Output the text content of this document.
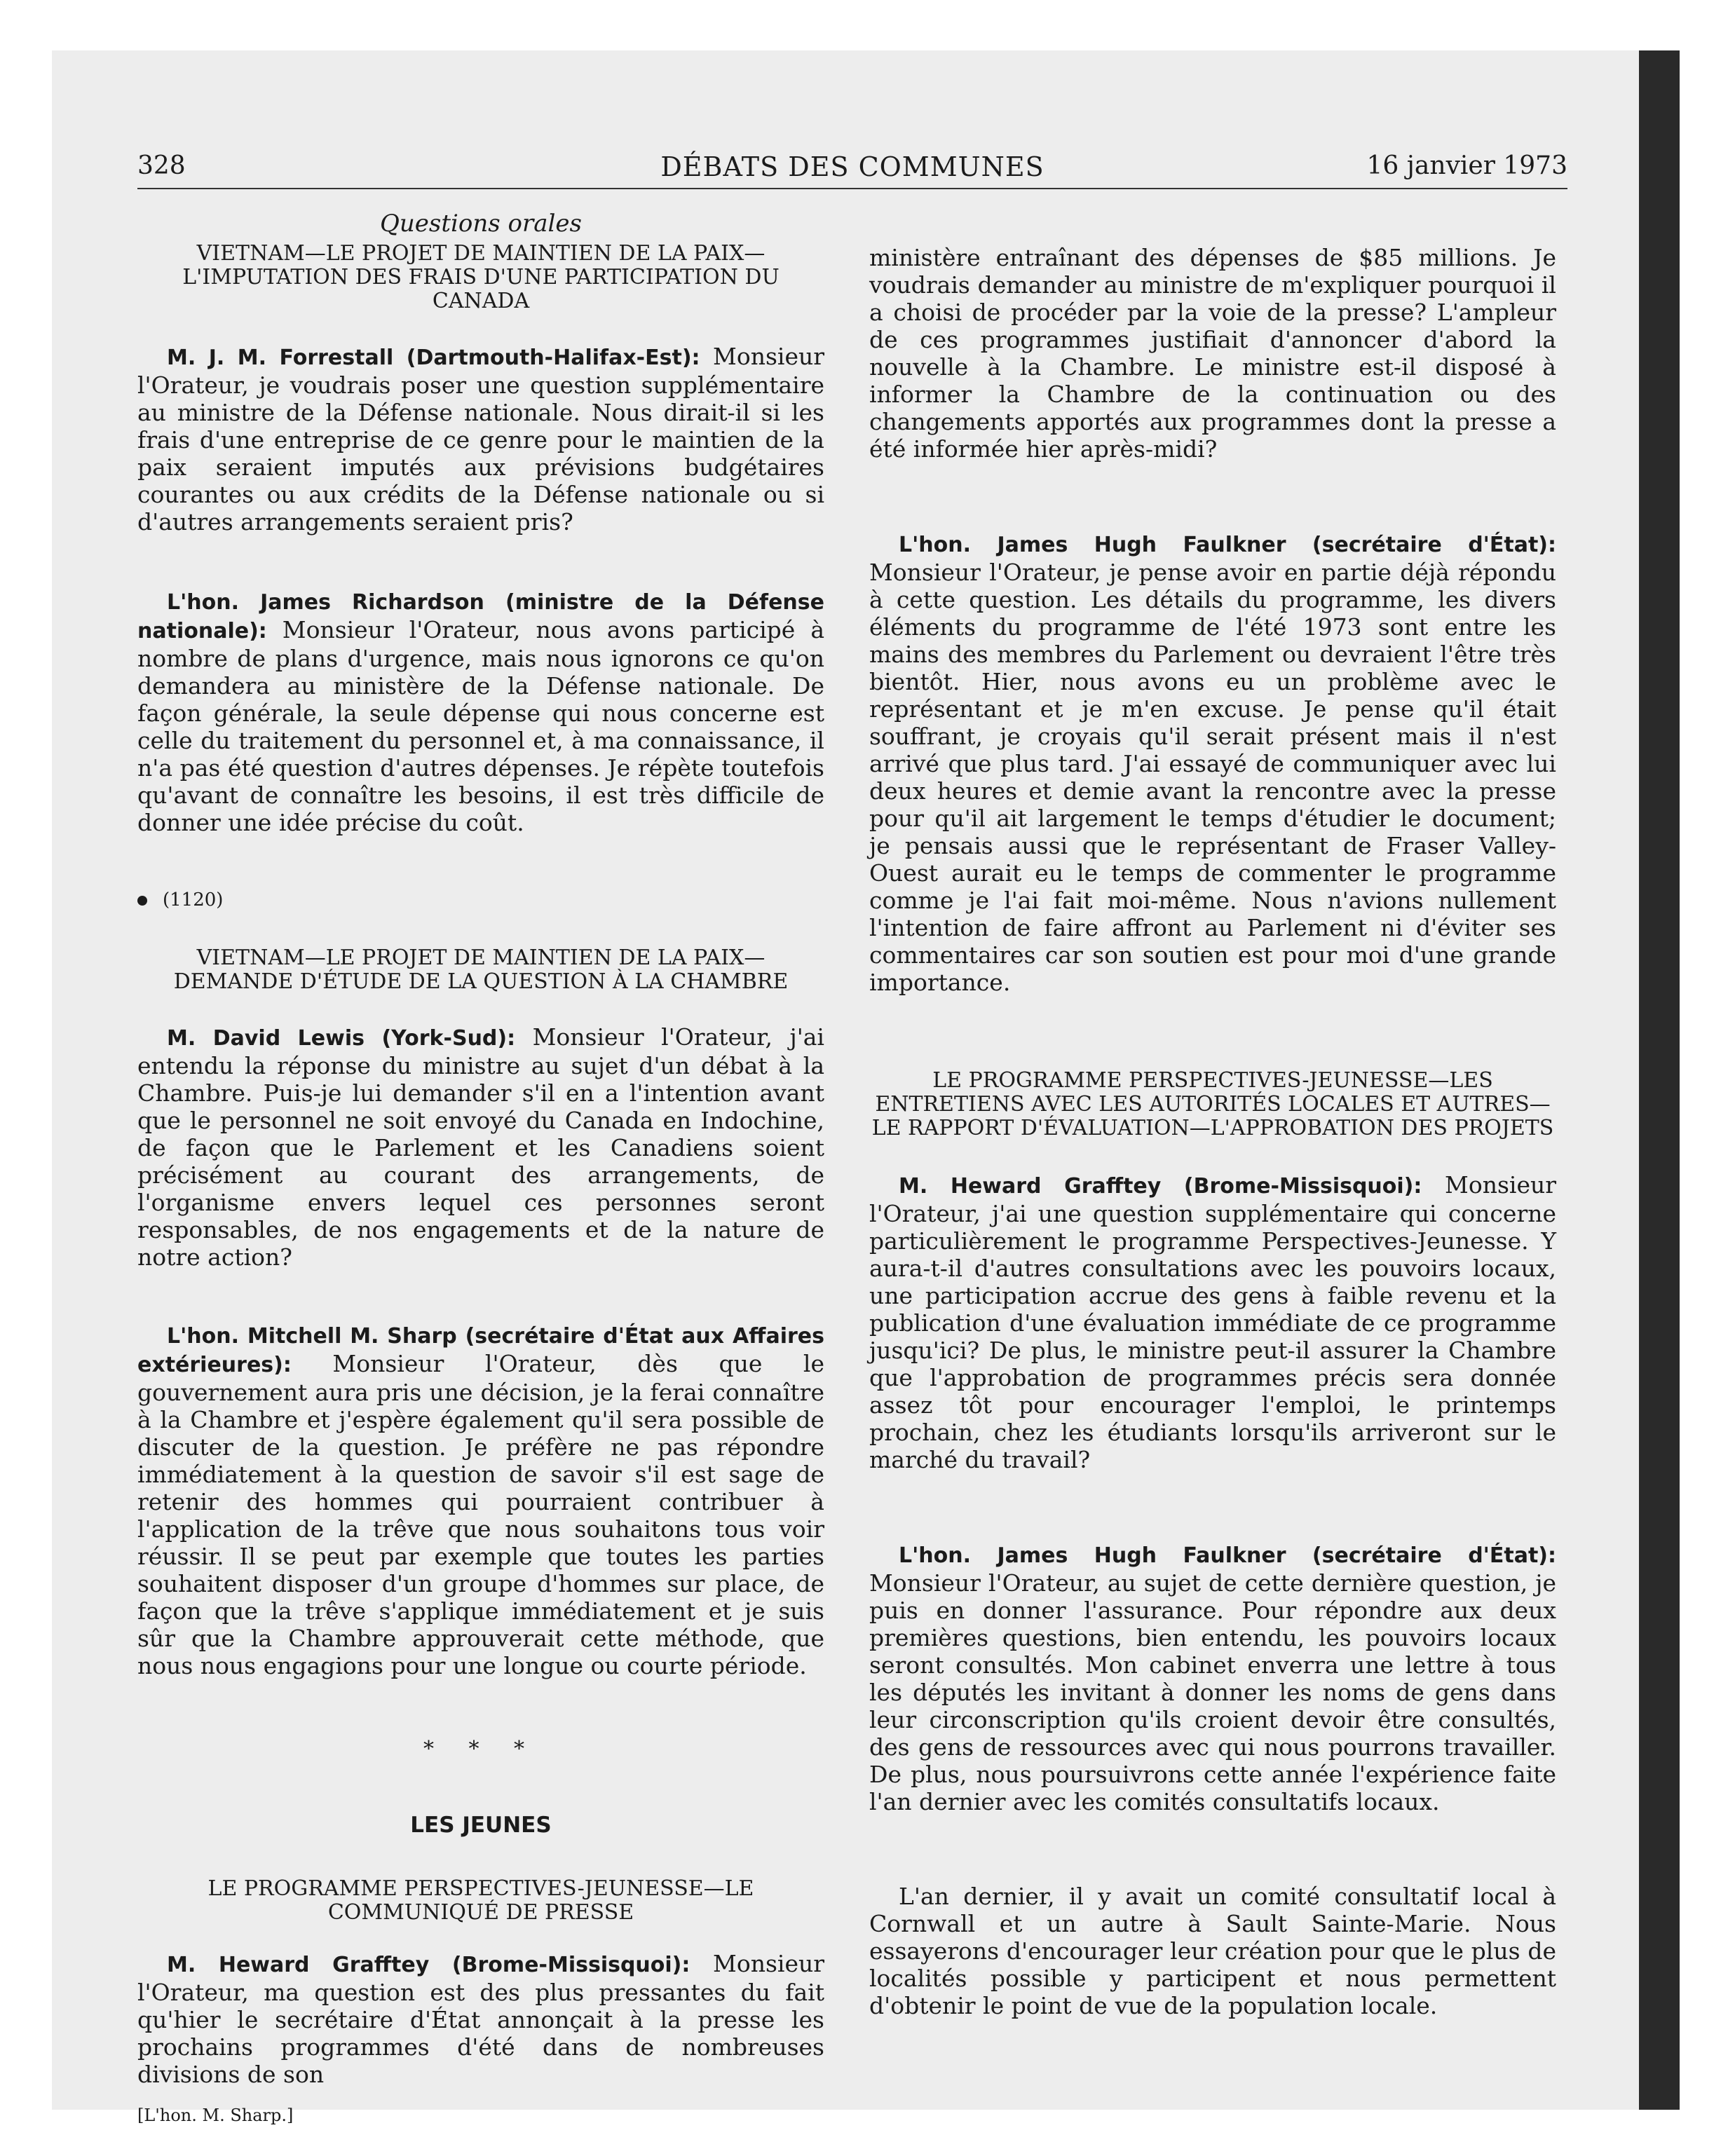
328	DÉBATS DES COMMUNES	16 janvier 1973

Questions orales

VIETNAM—LE PROJET DE MAINTIEN DE LA PAIX— L'IMPUTATION DES FRAIS D'UNE PARTICIPATION DU CANADA

M. J. M. Forrestall (Dartmouth-Halifax-Est): Monsieur l'Orateur, je voudrais poser une question supplémentaire au ministre de la Défense nationale. Nous dirait-il si les frais d'une entreprise de ce genre pour le maintien de la paix seraient imputés aux prévisions budgétaires courantes ou aux crédits de la Défense nationale ou si d'autres arrangements seraient pris?

L'hon. James Richardson (ministre de la Défense nationale): Monsieur l'Orateur, nous avons participé à nombre de plans d'urgence, mais nous ignorons ce qu'on demandera au ministère de la Défense nationale. De façon générale, la seule dépense qui nous concerne est celle du traitement du personnel et, à ma connaissance, il n'a pas été question d'autres dépenses. Je répète toutefois qu'avant de connaître les besoins, il est très difficile de donner une idée précise du coût.

(1120)

VIETNAM—LE PROJET DE MAINTIEN DE LA PAIX— DEMANDE D'ÉTUDE DE LA QUESTION À LA CHAMBRE

M. David Lewis (York-Sud): Monsieur l'Orateur, j'ai entendu la réponse du ministre au sujet d'un débat à la Chambre. Puis-je lui demander s'il en a l'intention avant que le personnel ne soit envoyé du Canada en Indochine, de façon que le Parlement et les Canadiens soient précisément au courant des arrangements, de l'organisme envers lequel ces personnes seront responsables, de nos engagements et de la nature de notre action?

L'hon. Mitchell M. Sharp (secrétaire d'État aux Affaires extérieures): Monsieur l'Orateur, dès que le gouvernement aura pris une décision, je la ferai connaître à la Chambre et j'espère également qu'il sera possible de discuter de la question. Je préfère ne pas répondre immédiatement à la question de savoir s'il est sage de retenir des hommes qui pourraient contribuer à l'application de la trêve que nous souhaitons tous voir réussir. Il se peut par exemple que toutes les parties souhaitent disposer d'un groupe d'hommes sur place, de façon que la trêve s'applique immédiatement et je suis sûr que la Chambre approuverait cette méthode, que nous nous engagions pour une longue ou courte période.

* * *

LES JEUNES

LE PROGRAMME PERSPECTIVES-JEUNESSE—LE COMMUNIQUÉ DE PRESSE

M. Heward Grafftey (Brome-Missisquoi): Monsieur l'Orateur, ma question est des plus pressantes du fait qu'hier le secrétaire d'État annonçait à la presse les prochains programmes d'été dans de nombreuses divisions de son

[L'hon. M. Sharp.]

ministère entraînant des dépenses de $85 millions. Je voudrais demander au ministre de m'expliquer pourquoi il a choisi de procéder par la voie de la presse? L'ampleur de ces programmes justifiait d'annoncer d'abord la nouvelle à la Chambre. Le ministre est-il disposé à informer la Chambre de la continuation ou des changements apportés aux programmes dont la presse a été informée hier après-midi?

L'hon. James Hugh Faulkner (secrétaire d'État): Monsieur l'Orateur, je pense avoir en partie déjà répondu à cette question. Les détails du programme, les divers éléments du programme de l'été 1973 sont entre les mains des membres du Parlement ou devraient l'être très bientôt. Hier, nous avons eu un problème avec le représentant et je m'en excuse. Je pense qu'il était souffrant, je croyais qu'il serait présent mais il n'est arrivé que plus tard. J'ai essayé de communiquer avec lui deux heures et demie avant la rencontre avec la presse pour qu'il ait largement le temps d'étudier le document; je pensais aussi que le représentant de Fraser Valley-Ouest aurait eu le temps de commenter le programme comme je l'ai fait moi-même. Nous n'avions nullement l'intention de faire affront au Parlement ni d'éviter ses commentaires car son soutien est pour moi d'une grande importance.

LE PROGRAMME PERSPECTIVES-JEUNESSE—LES ENTRETIENS AVEC LES AUTORITÉS LOCALES ET AUTRES—LE RAPPORT D'ÉVALUATION—L'APPROBATION DES PROJETS

M. Heward Grafftey (Brome-Missisquoi): Monsieur l'Orateur, j'ai une question supplémentaire qui concerne particulièrement le programme Perspectives-Jeunesse. Y aura-t-il d'autres consultations avec les pouvoirs locaux, une participation accrue des gens à faible revenu et la publication d'une évaluation immédiate de ce programme jusqu'ici? De plus, le ministre peut-il assurer la Chambre que l'approbation de programmes précis sera donnée assez tôt pour encourager l'emploi, le printemps prochain, chez les étudiants lorsqu'ils arriveront sur le marché du travail?

L'hon. James Hugh Faulkner (secrétaire d'État): Monsieur l'Orateur, au sujet de cette dernière question, je puis en donner l'assurance. Pour répondre aux deux premières questions, bien entendu, les pouvoirs locaux seront consultés. Mon cabinet enverra une lettre à tous les députés les invitant à donner les noms de gens dans leur circonscription qu'ils croient devoir être consultés, des gens de ressources avec qui nous pourrons travailler. De plus, nous poursuivrons cette année l'expérience faite l'an dernier avec les comités consultatifs locaux.

L'an dernier, il y avait un comité consultatif local à Cornwall et un autre à Sault Sainte-Marie. Nous essayerons d'encourager leur création pour que le plus de localités possible y participent et nous permettent d'obtenir le point de vue de la population locale.
